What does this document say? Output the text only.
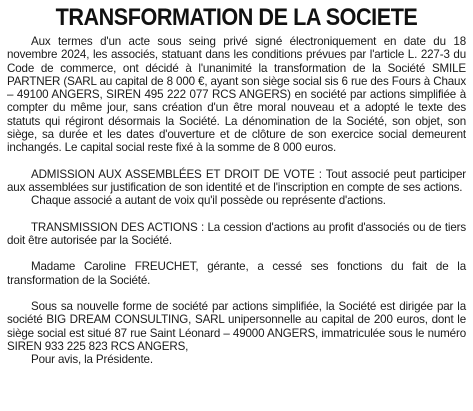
TRANSFORMATION DE LA SOCIETE

Aux termes d'un acte sous seing privé signé électroniquement en date du 18 novembre 2024, les associés, statuant dans les conditions prévues par l'article L. 227-3 du Code de commerce, ont décidé à l'unanimité la transformation de la Société SMILE PARTNER (SARL au capital de 8 000 €, ayant son siège social sis 6 rue des Fours à Chaux – 49100 ANGERS, SIREN 495 222 077 RCS ANGERS) en société par actions simplifiée à compter du même jour, sans création d'un être moral nouveau et a adopté le texte des statuts qui régiront désormais la Société. La dénomination de la Société, son objet, son siège, sa durée et les dates d'ouverture et de clôture de son exercice social demeurent inchangés. Le capital social reste fixé à la somme de 8 000 euros.

ADMISSION AUX ASSEMBLÉES ET DROIT DE VOTE : Tout associé peut participer aux assemblées sur justification de son identité et de l'inscription en compte de ses actions.

Chaque associé a autant de voix qu'il possède ou représente d'actions.

TRANSMISSION DES ACTIONS : La cession d'actions au profit d'associés ou de tiers doit être autorisée par la Société.

Madame Caroline FREUCHET, gérante, a cessé ses fonctions du fait de la transformation de la Société.

Sous sa nouvelle forme de société par actions simplifiée, la Société est dirigée par la société BIG DREAM CONSULTING, SARL unipersonnelle au capital de 200 euros, dont le siège social est situé 87 rue Saint Léonard – 49000 ANGERS, immatriculée sous le numéro SIREN 933 225 823 RCS ANGERS,

Pour avis, la Présidente.
